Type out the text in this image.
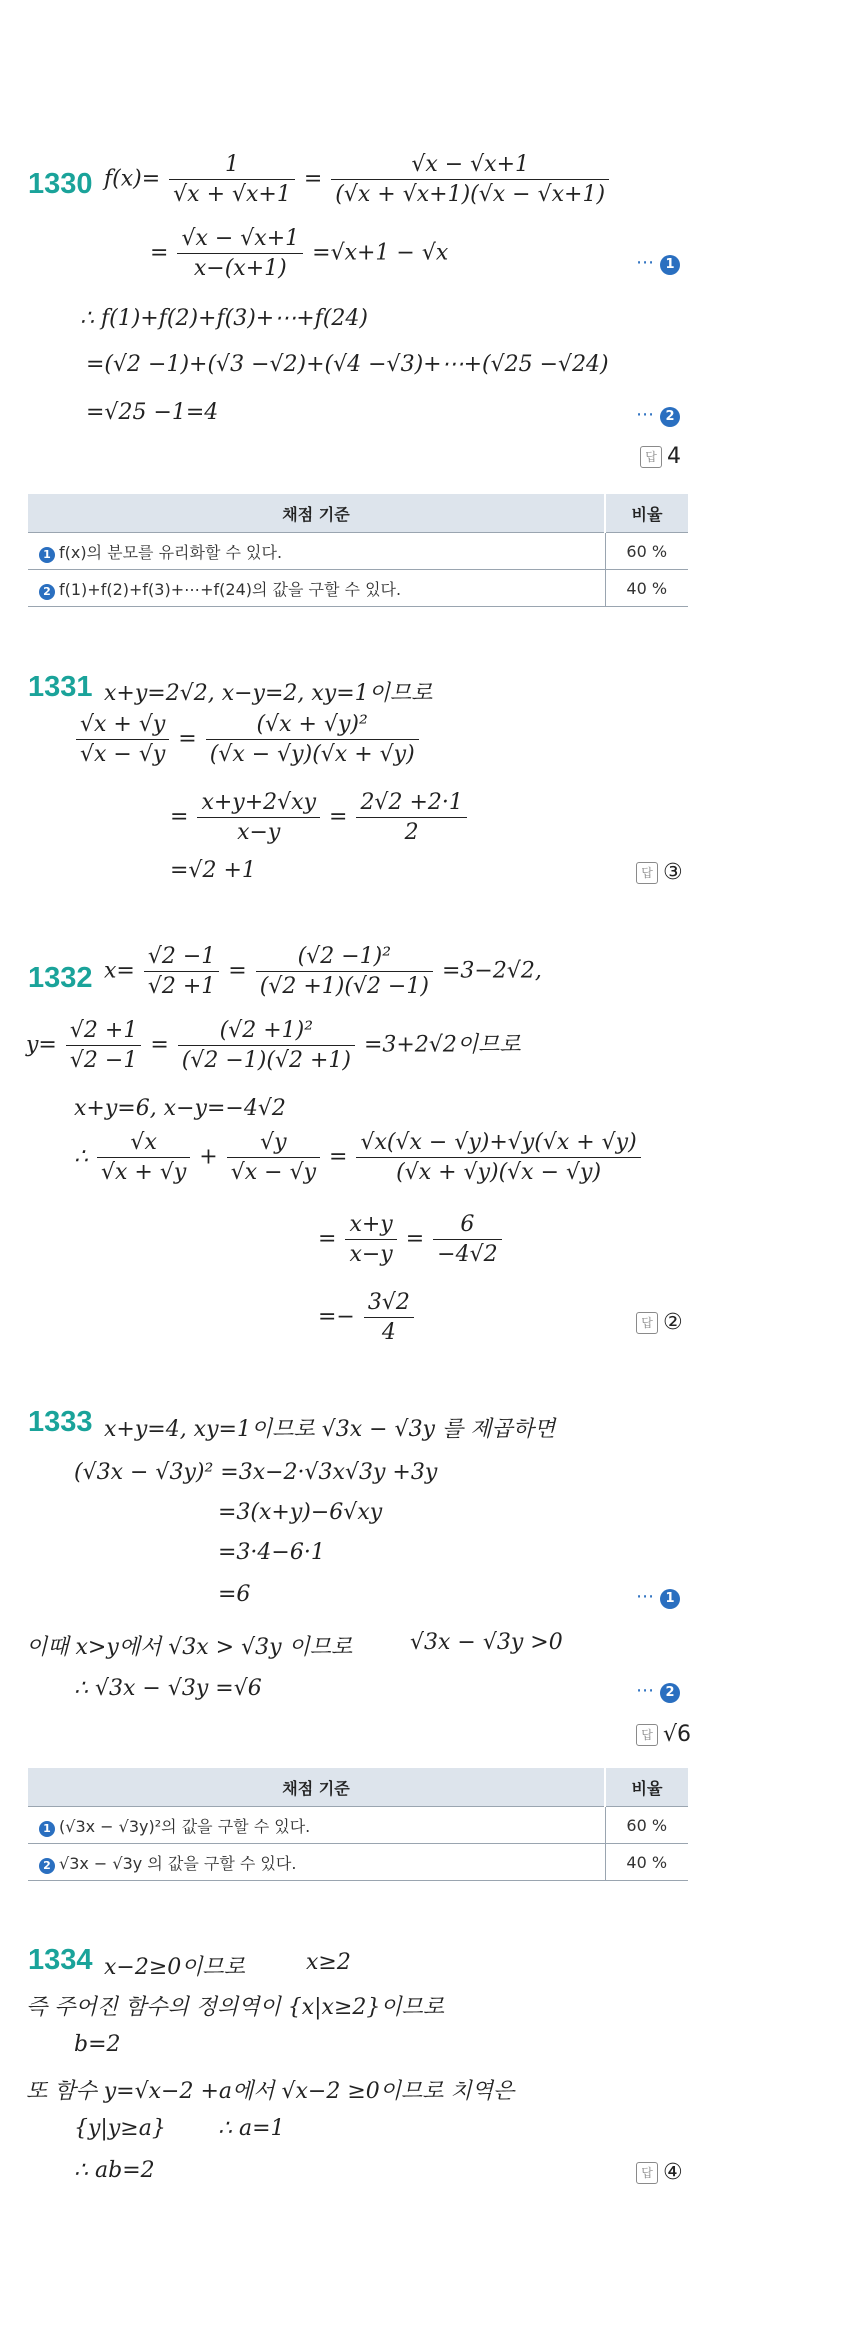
1330 $f(x)= \frac{1}{√x + √x+1} = \frac{√x - √x+1}{(√x + √x+1)(√x - √x+1)}$
= $\frac{√x - √x+1}{x-(x+1)} =√x+1 - √x$	⋯ 1
∴ f(1)+f(2)+f(3)+⋯+f(24)
=(√2 −1)+(√3 −√2)+(√4 −√3)+⋯+(√25 −√24)
=√25 −1=4	⋯ 2
답 4
채점 기준	비율
1 f(x)의 분모를 유리화할 수 있다.	60 %
2 f(1)+f(2)+f(3)+⋯+f(24)의 값을 구할 수 있다.	40 %
1331 x+y=2√2, x−y=2, xy=1이므로
$\frac{√x + √y}{√x - √y} = \frac{\text{(√x + √y)²}}{(√x - √y)(√x + √y)}$
= $\frac{x+y+2√xy}{x-y} = \frac{2√2 +2\cdot 1}{2}$
=√2 +1	답 ③
1332 $x= \frac{√2 -1}{√2 +1} = \frac{\text{(√2 −1)²}}{(√2 +1)(√2 -1)} =3-2√2$,
$y= \frac{√2 +1}{√2 -1} = \frac{\text{(√2 +1)²}}{(√2 -1)(√2 +1)} =3+2√2$이므로
x+y=6, x−y=−4√2
∴ $\frac{√x}{√x + √y} + \frac{√y}{√x - √y} = \frac{√x(√x - √y)+√y(√x + √y)}{(√x + √y)(√x - √y)}$
= $\frac{x+y}{x-y} = \frac{6}{-4√2}$
=− $\frac{3√2}{4}$	답 ②
1333 x+y=4, xy=1이므로 √3x − √3y 를 제곱하면
(√3x − √3y)² =3x−2·√3x√3y +3y
=3(x+y)−6√xy
=3·4−6·1
=6	⋯ 1
이때 x>y에서 √3x > √3y 이므로	√3x − √3y >0
∴ √3x − √3y =√6	⋯ 2
답 √6
채점 기준	비율
1 (√3x − √3y)²의 값을 구할 수 있다.	60 %
2 √3x − √3y 의 값을 구할 수 있다.	40 %
1334 x−2≥0이므로	x≥2
즉 주어진 함수의 정의역이 {x|x≥2}이므로
b=2
또 함수 y=√x−2 +a에서 √x−2 ≥0이므로 치역은
{y|y≥a} ∴ a=1
∴ ab=2	답 ④
